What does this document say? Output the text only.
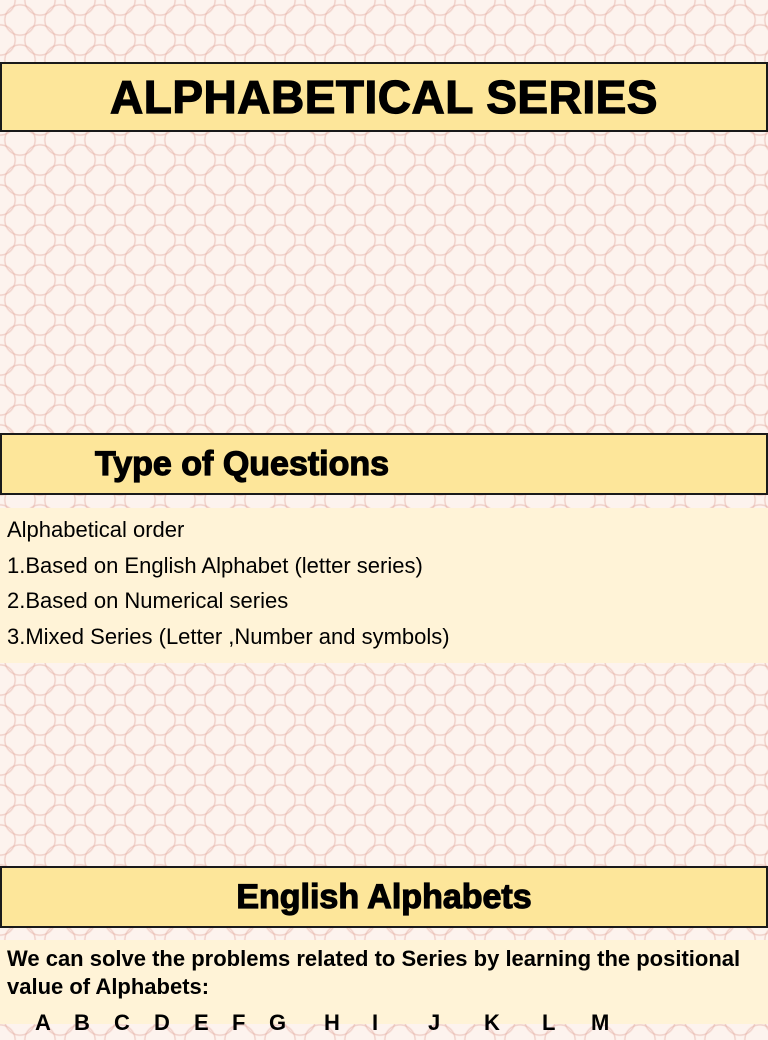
ALPHABETICAL SERIES
Type of Questions
Alphabetical order
1.Based on English Alphabet (letter series)
2.Based on Numerical series
3.Mixed Series (Letter ,Number and symbols)
English Alphabets
We can solve the problems related to Series by learning the positional value of Alphabets:
A B C D E F G H I J K L M
